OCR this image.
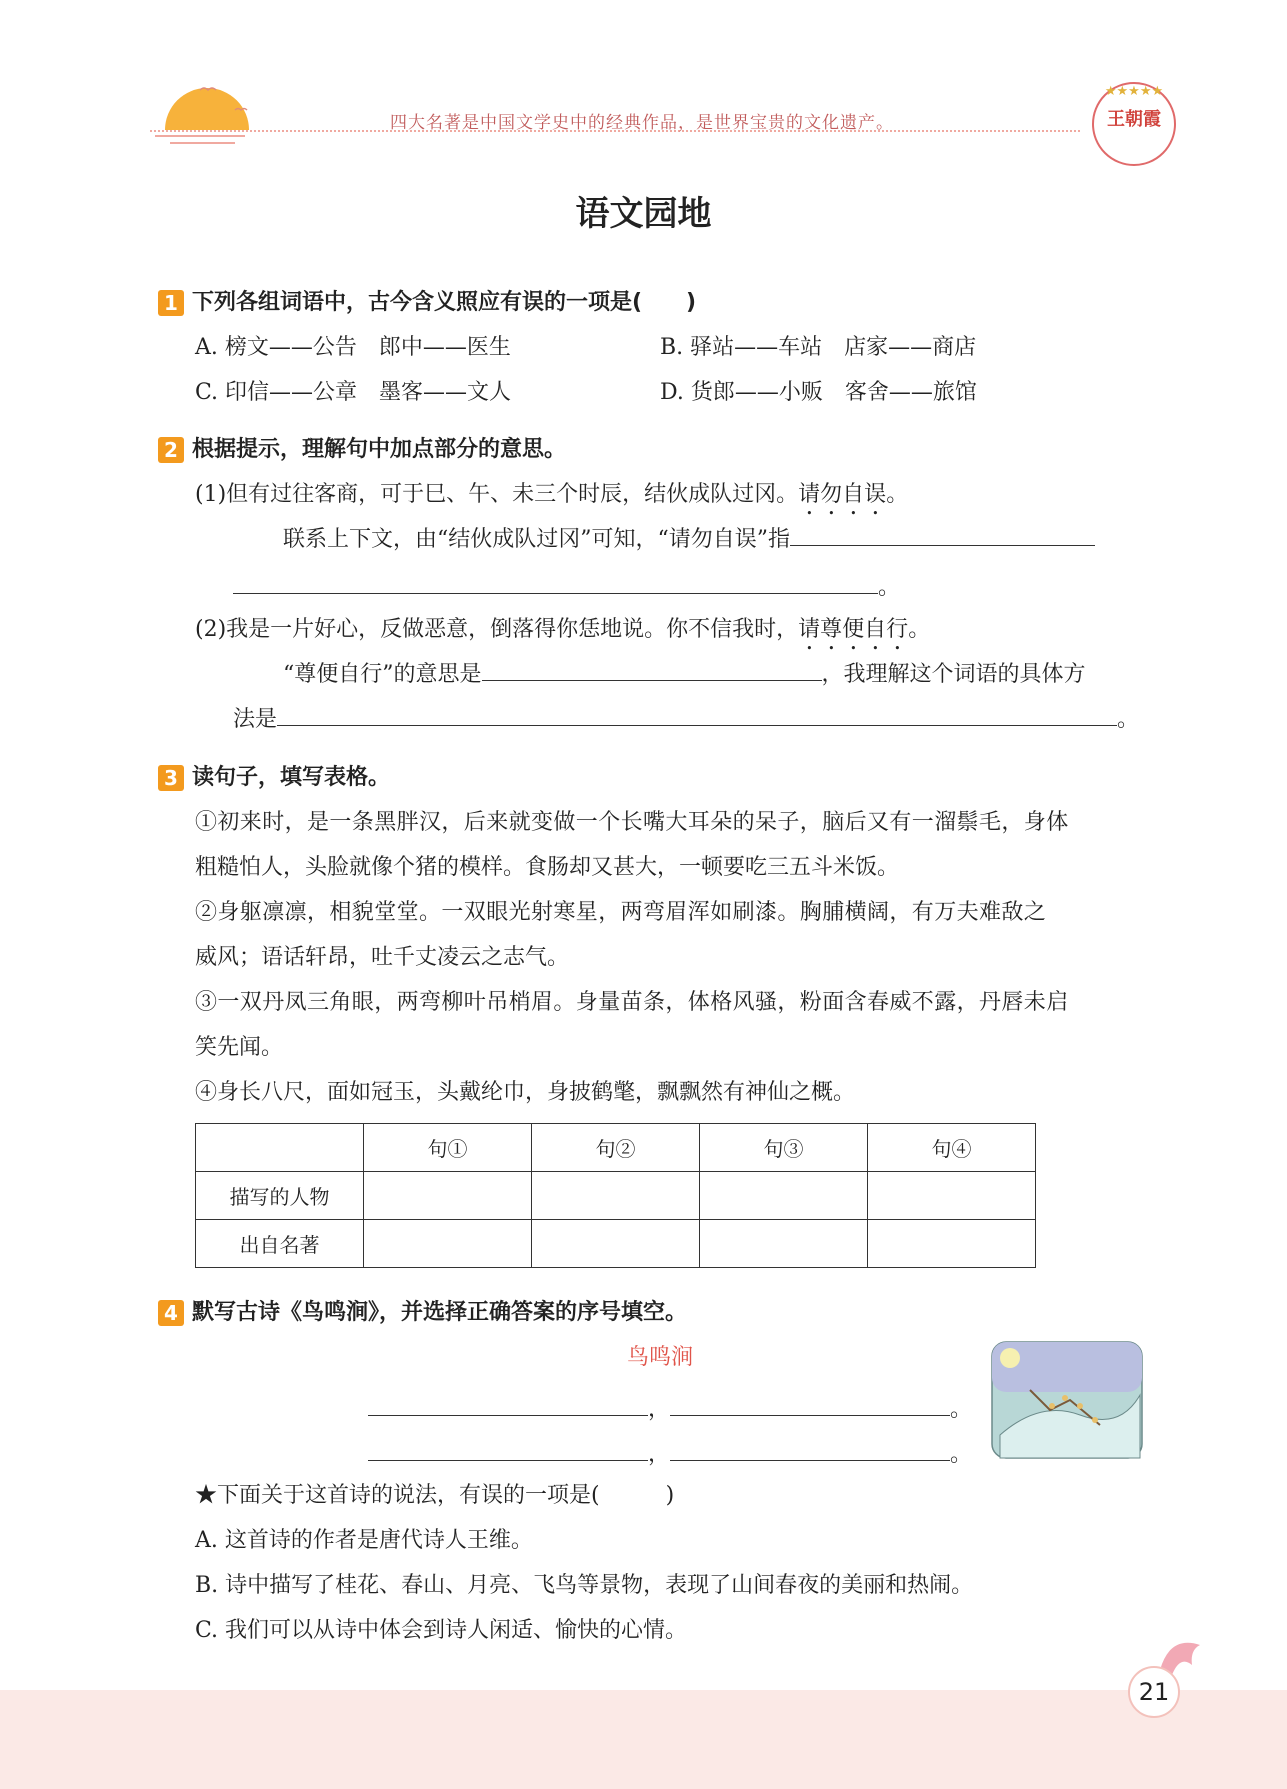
四大名著是中国文学史中的经典作品，是世界宝贵的文化遗产。
★★★★★
王朝霞
语文园地
1 下列各组词语中，古今含义照应有误的一项是(　　)
A. 榜文——公告　郎中——医生	B. 驿站——车站　店家——商店
C. 印信——公章　墨客——文人	D. 货郎——小贩　客舍——旅馆
2 根据提示，理解句中加点部分的意思。
(1)但有过往客商，可于巳、午、未三个时辰，结伙成队过冈。请勿自误。
联系上下文，由“结伙成队过冈”可知，“请勿自误”指
。
(2)我是一片好心，反做恶意，倒落得你恁地说。你不信我时，请尊便自行。
“尊便自行”的意思是	，我理解这个词语的具体方
法是	。
3 读句子，填写表格。
①初来时，是一条黑胖汉，后来就变做一个长嘴大耳朵的呆子，脑后又有一溜鬃毛，身体
粗糙怕人，头脸就像个猪的模样。食肠却又甚大，一顿要吃三五斗米饭。
②身躯凛凛，相貌堂堂。一双眼光射寒星，两弯眉浑如刷漆。胸脯横阔，有万夫难敌之
威风；语话轩昂，吐千丈凌云之志气。
③一双丹凤三角眼，两弯柳叶吊梢眉。身量苗条，体格风骚，粉面含春威不露，丹唇未启
笑先闻。
④身长八尺，面如冠玉，头戴纶巾，身披鹤氅，飘飘然有神仙之概。
	句①	句②	句③	句④
描写的人物				
出自名著				
4 默写古诗《鸟鸣涧》，并选择正确答案的序号填空。
鸟鸣涧
，	。
，	。
★下面关于这首诗的说法，有误的一项是(　　　)
A. 这首诗的作者是唐代诗人王维。
B. 诗中描写了桂花、春山、月亮、飞鸟等景物，表现了山间春夜的美丽和热闹。
C. 我们可以从诗中体会到诗人闲适、愉快的心情。
21
